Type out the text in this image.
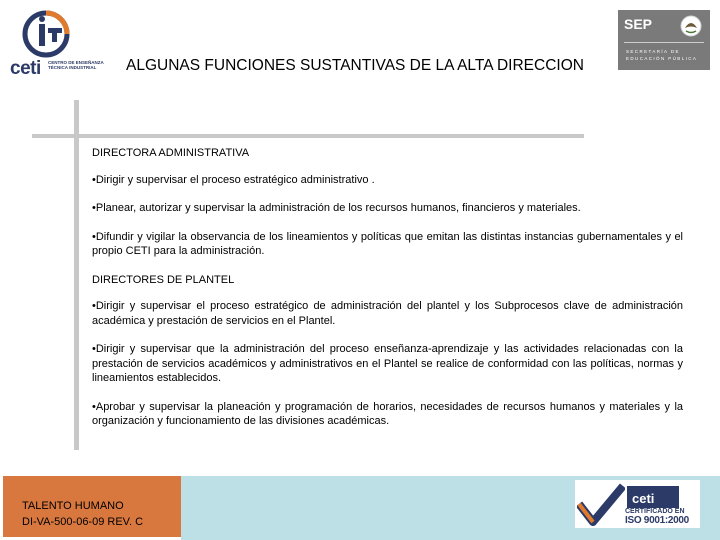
ceti CENTRO DE ENSEÑANZA
TÉCNICA INDUSTRIAL	ALGUNAS FUNCIONES SUSTANTIVAS DE LA ALTA DIRECCION
SEP
SECRETARÍA DE
EDUCACIÓN PÚBLICA
DIRECTORA ADMINISTRATIVA

•Dirigir y supervisar el proceso estratégico administrativo .

•Planear, autorizar y supervisar la administración de los recursos humanos, financieros y materiales.

•Difundir y vigilar la observancia de los lineamientos y políticas que emitan las distintas instancias gubernamentales y el propio CETI para la administración.

DIRECTORES DE PLANTEL

•Dirigir y supervisar el proceso estratégico de administración del plantel y los Subprocesos clave de administración académica y prestación de servicios en el Plantel.

•Dirigir y supervisar que la administración del proceso enseñanza-aprendizaje y las actividades relacionadas con la prestación de servicios académicos y administrativos en el Plantel se realice de conformidad con las políticas, normas y lineamientos establecidos.

•Aprobar y supervisar la planeación y programación de horarios, necesidades de recursos humanos y materiales y la organización y funcionamiento de las divisiones académicas.

TALENTO HUMANO
DI-VA-500-06-09 REV. C
ceti
CERTIFICADO EN
ISO 9001:2000
